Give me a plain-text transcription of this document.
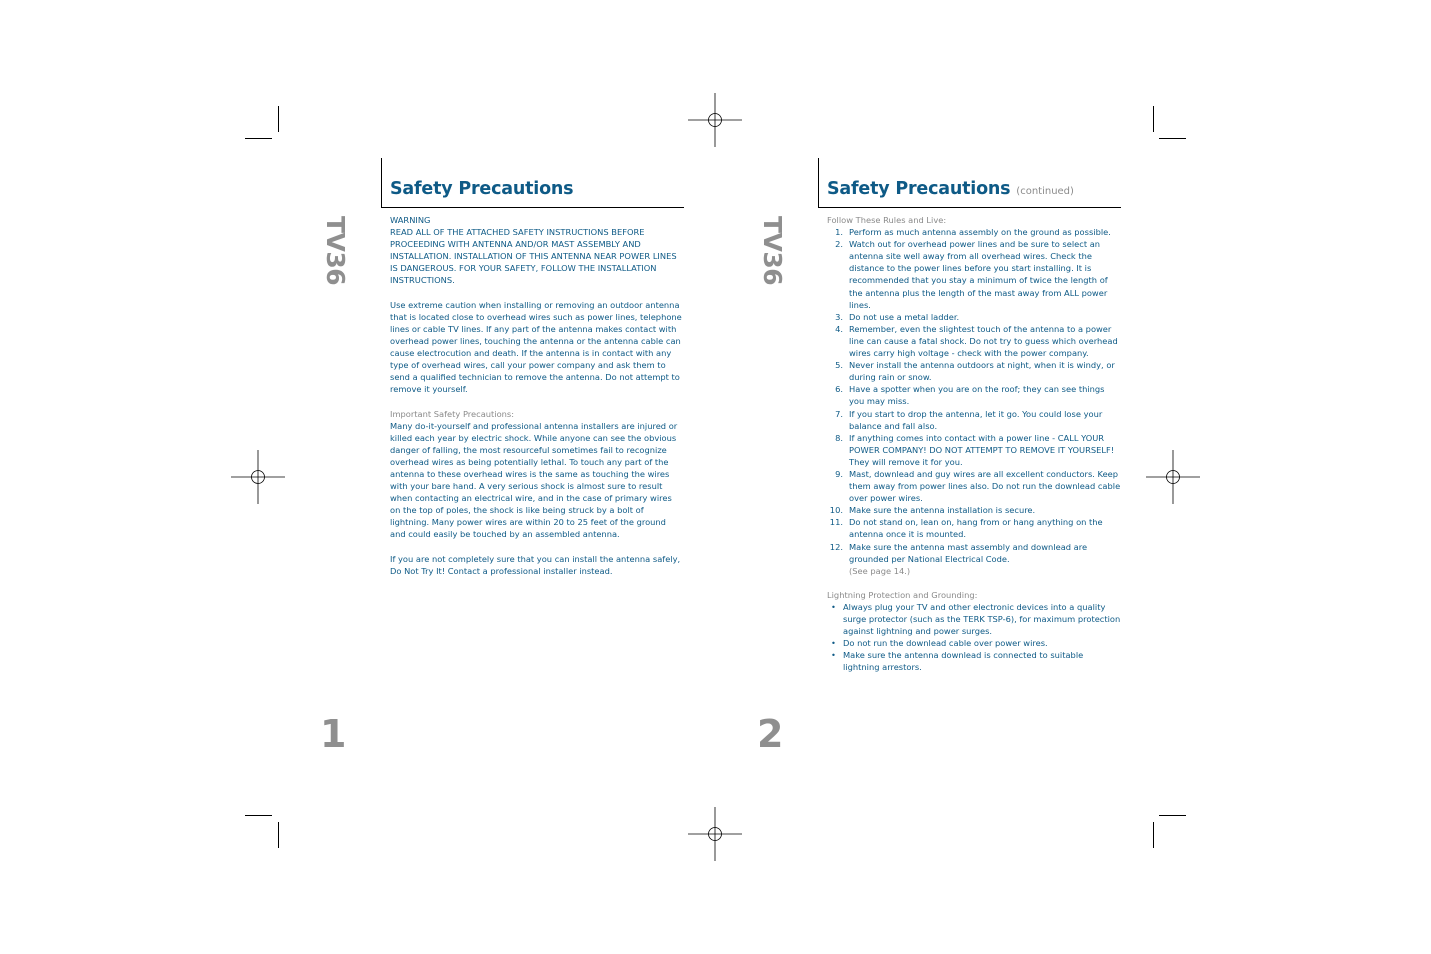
Safety Precautions
TV36
1

WARNING

READ ALL OF THE ATTACHED SAFETY INSTRUCTIONS BEFORE PROCEEDING WITH ANTENNA AND/OR MAST ASSEMBLY AND INSTALLATION. INSTALLATION OF THIS ANTENNA NEAR POWER LINES IS DANGEROUS. FOR YOUR SAFETY, FOLLOW THE INSTALLATION INSTRUCTIONS.

Use extreme caution when installing or removing an outdoor antenna that is located close to overhead wires such as power lines, telephone lines or cable TV lines. If any part of the antenna makes contact with overhead power lines, touching the antenna or the antenna cable can cause electrocution and death. If the antenna is in contact with any type of overhead wires, call your power company and ask them to send a qualified technician to remove the antenna. Do not attempt to remove it yourself.

Important Safety Precautions:

Many do-it-yourself and professional antenna installers are injured or killed each year by electric shock. While anyone can see the obvious danger of falling, the most resourceful sometimes fail to recognize overhead wires as being potentially lethal. To touch any part of the antenna to these overhead wires is the same as touching the wires with your bare hand. A very serious shock is almost sure to result when contacting an electrical wire, and in the case of primary wires on the top of poles, the shock is like being struck by a bolt of lightning. Many power wires are within 20 to 25 feet of the ground and could easily be touched by an assembled antenna.

If you are not completely sure that you can install the antenna safely, Do Not Try It! Contact a professional installer instead.

Safety Precautions (continued)
TV36
2

Follow These Rules and Live:

1. Perform as much antenna assembly on the ground as possible.
2. Watch out for overhead power lines and be sure to select an antenna site well away from all overhead wires. Check the distance to the power lines before you start installing. It is recommended that you stay a minimum of twice the length of the antenna plus the length of the mast away from ALL power lines.
3. Do not use a metal ladder.
4. Remember, even the slightest touch of the antenna to a power line can cause a fatal shock. Do not try to guess which overhead wires carry high voltage - check with the power company.
5. Never install the antenna outdoors at night, when it is windy, or during rain or snow.
6. Have a spotter when you are on the roof; they can see things you may miss.
7. If you start to drop the antenna, let it go. You could lose your balance and fall also.
8. If anything comes into contact with a power line - CALL YOUR POWER COMPANY! DO NOT ATTEMPT TO REMOVE IT YOURSELF! They will remove it for you.
9. Mast, downlead and guy wires are all excellent conductors. Keep them away from power lines also. Do not run the downlead cable over power wires.
10. Make sure the antenna installation is secure.
11. Do not stand on, lean on, hang from or hang anything on the antenna once it is mounted.
12. Make sure the antenna mast assembly and downlead are grounded per National Electrical Code.
(See page 14.)

Lightning Protection and Grounding:

• Always plug your TV and other electronic devices into a quality surge protector (such as the TERK TSP-6), for maximum protection against lightning and power surges.
• Do not run the downlead cable over power wires.
• Make sure the antenna downlead is connected to suitable lightning arrestors.
